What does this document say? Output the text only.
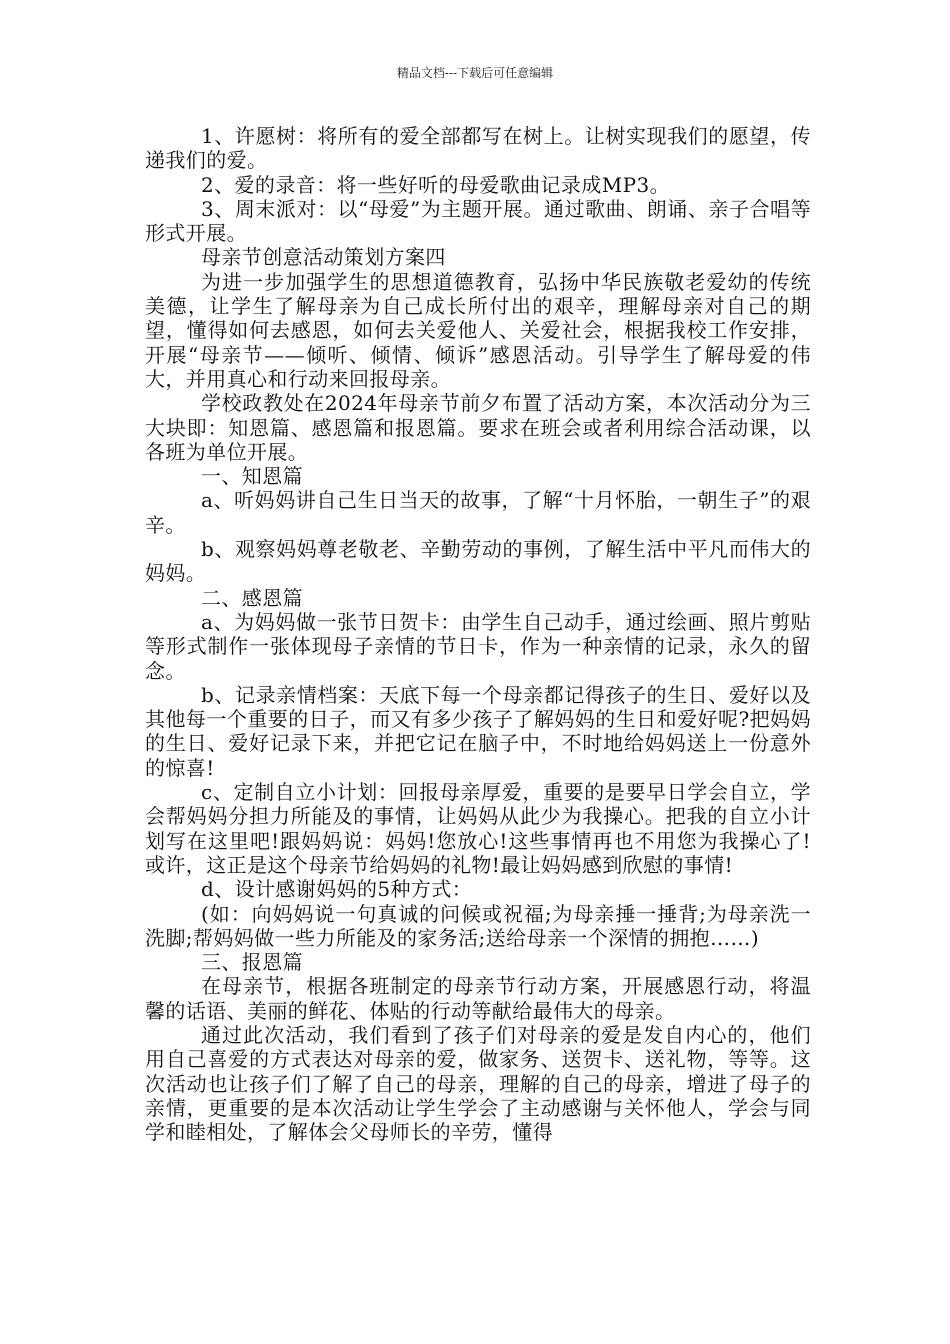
精品文档---下载后可任意编辑

1、许愿树：将所有的爱全部都写在树上。让树实现我们的愿望，传递我们的爱。

2、爱的录音：将一些好听的母爱歌曲记录成MP3。

3、周末派对：以“母爱”为主题开展。通过歌曲、朗诵、亲子合唱等形式开展。

母亲节创意活动策划方案四

为进一步加强学生的思想道德教育，弘扬中华民族敬老爱幼的传统美德，让学生了解母亲为自己成长所付出的艰辛，理解母亲对自己的期望，懂得如何去感恩，如何去关爱他人、关爱社会，根据我校工作安排，开展“母亲节——倾听、倾情、倾诉”感恩活动。引导学生了解母爱的伟大，并用真心和行动来回报母亲。

学校政教处在2024年母亲节前夕布置了活动方案，本次活动分为三大块即：知恩篇、感恩篇和报恩篇。要求在班会或者利用综合活动课，以各班为单位开展。

一、知恩篇

a、听妈妈讲自己生日当天的故事，了解“十月怀胎，一朝生子”的艰辛。

b、观察妈妈尊老敬老、辛勤劳动的事例，了解生活中平凡而伟大的妈妈。

二、感恩篇

a、为妈妈做一张节日贺卡：由学生自己动手，通过绘画、照片剪贴等形式制作一张体现母子亲情的节日卡，作为一种亲情的记录，永久的留念。

b、记录亲情档案：天底下每一个母亲都记得孩子的生日、爱好以及其他每一个重要的日子，而又有多少孩子了解妈妈的生日和爱好呢?把妈妈的生日、爱好记录下来，并把它记在脑子中，不时地给妈妈送上一份意外的惊喜!

c、定制自立小计划：回报母亲厚爱，重要的是要早日学会自立，学会帮妈妈分担力所能及的事情，让妈妈从此少为我操心。把我的自立小计划写在这里吧!跟妈妈说：妈妈!您放心!这些事情再也不用您为我操心了!或许，这正是这个母亲节给妈妈的礼物!最让妈妈感到欣慰的事情!

d、设计感谢妈妈的5种方式：

(如：向妈妈说一句真诚的问候或祝福;为母亲捶一捶背;为母亲洗一洗脚;帮妈妈做一些力所能及的家务活;送给母亲一个深情的拥抱……)

三、报恩篇

在母亲节，根据各班制定的母亲节行动方案，开展感恩行动，将温馨的话语、美丽的鲜花、体贴的行动等献给最伟大的母亲。

通过此次活动，我们看到了孩子们对母亲的爱是发自内心的，他们用自己喜爱的方式表达对母亲的爱，做家务、送贺卡、送礼物，等等。这次活动也让孩子们了解了自己的母亲，理解的自己的母亲，增进了母子的亲情，更重要的是本次活动让学生学会了主动感谢与关怀他人，学会与同学和睦相处，了解体会父母师长的辛劳，懂得
